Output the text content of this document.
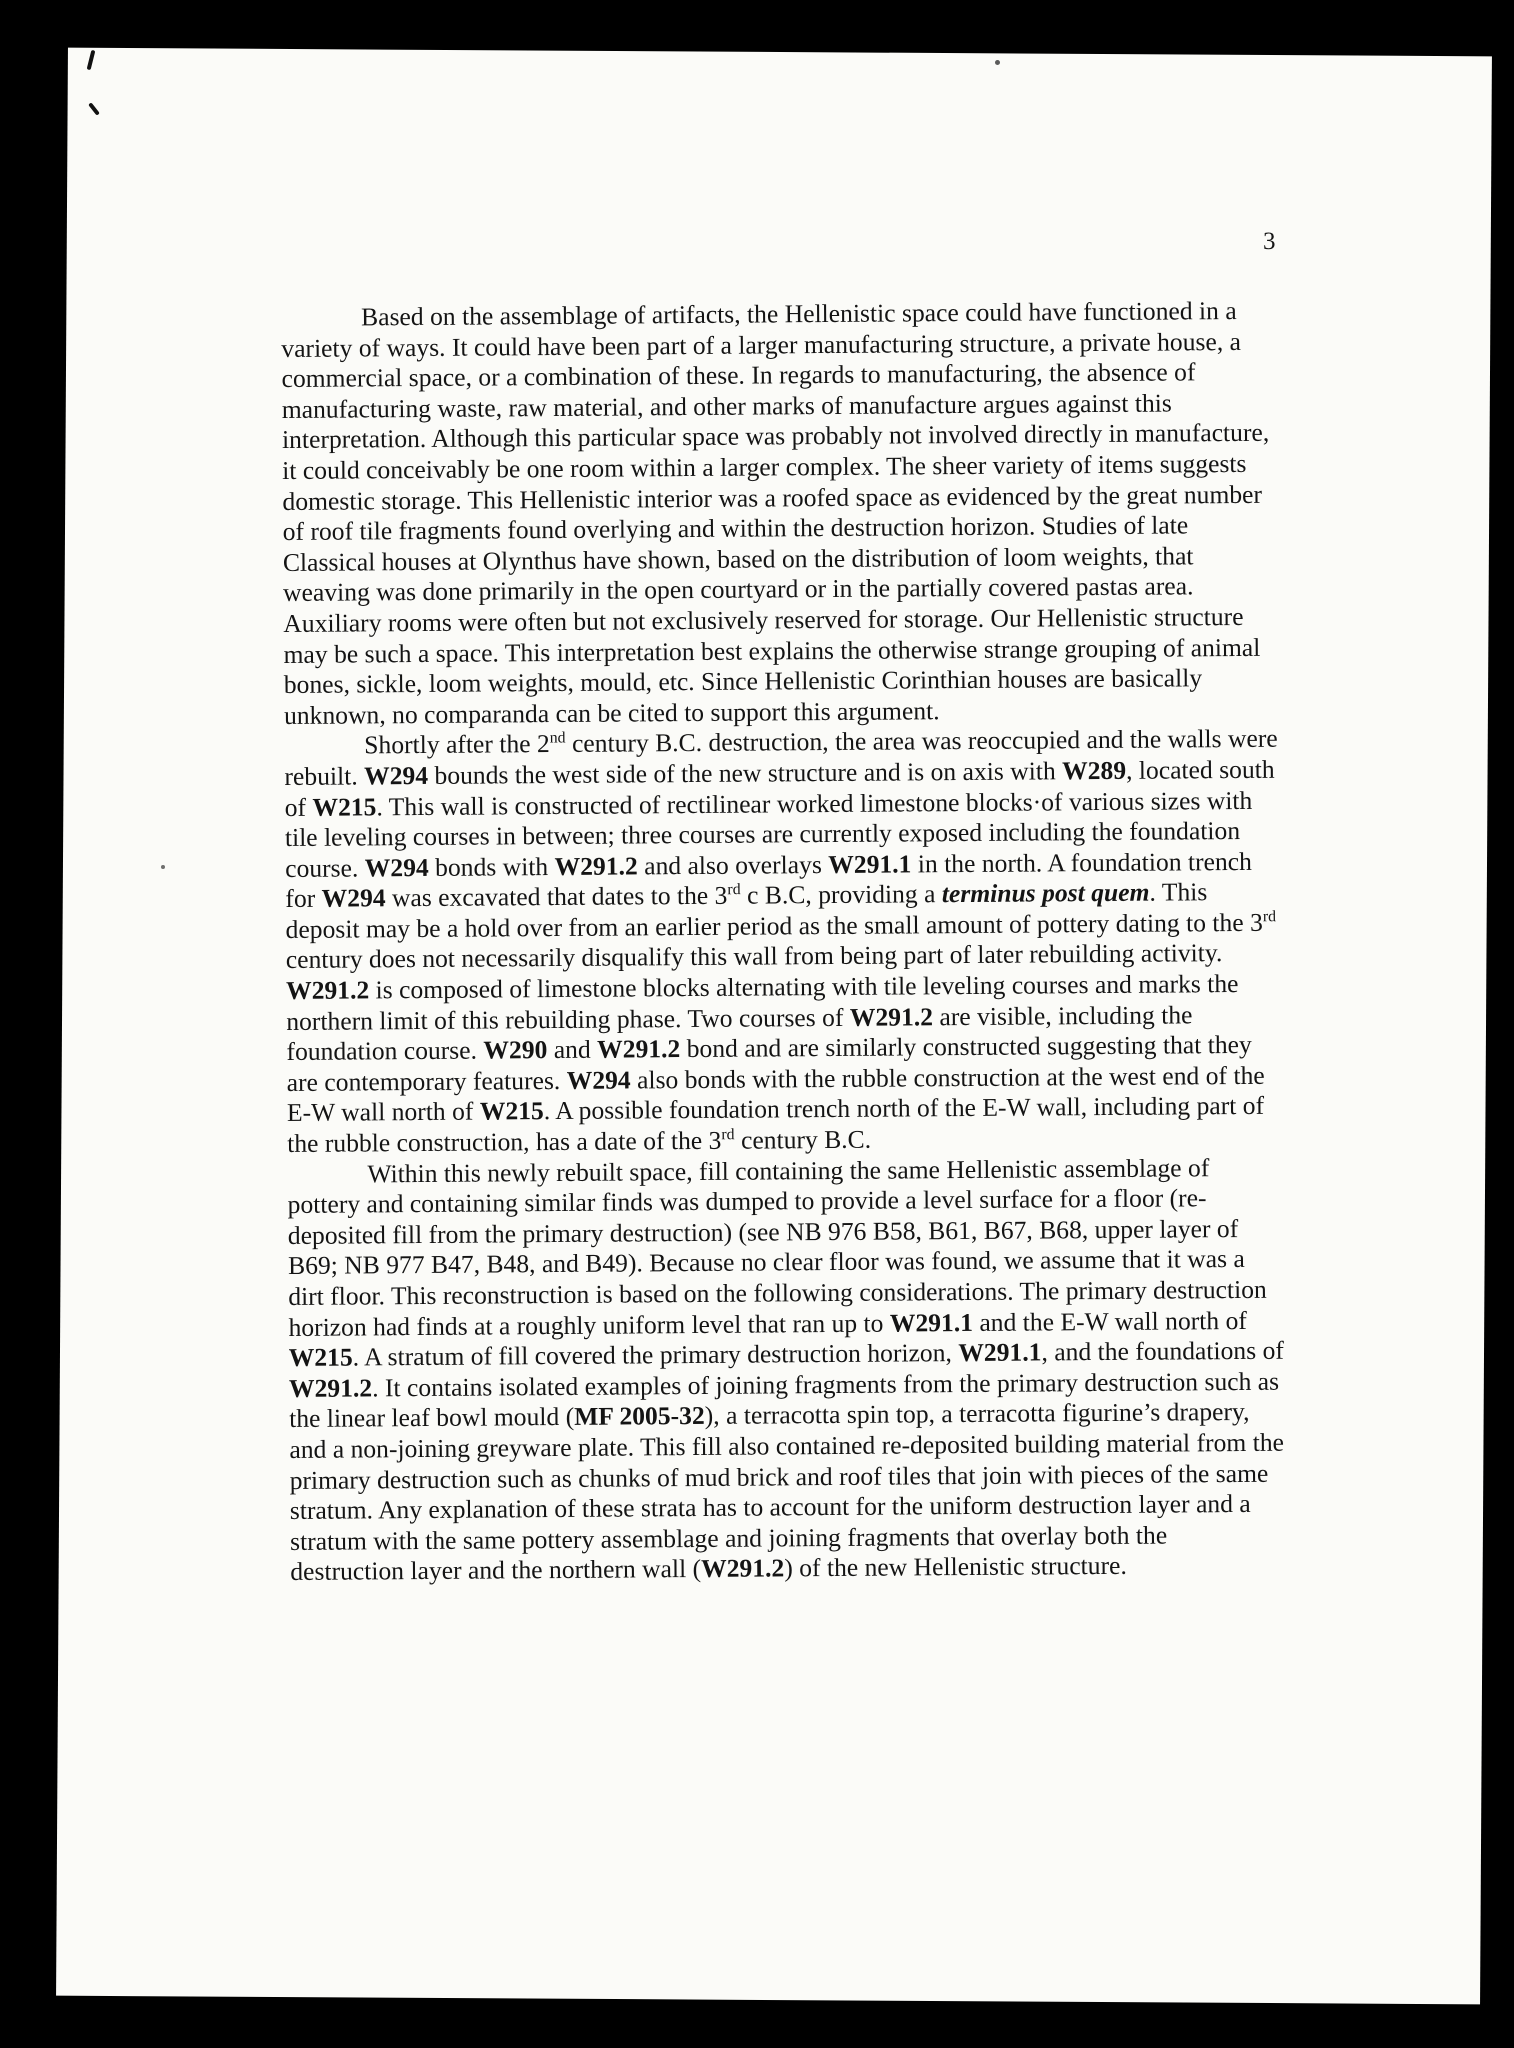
3

Based on the assemblage of artifacts, the Hellenistic space could have functioned in a variety of ways. It could have been part of a larger manufacturing structure, a private house, a commercial space, or a combination of these. In regards to manufacturing, the absence of manufacturing waste, raw material, and other marks of manufacture argues against this interpretation. Although this particular space was probably not involved directly in manufacture, it could conceivably be one room within a larger complex. The sheer variety of items suggests domestic storage. This Hellenistic interior was a roofed space as evidenced by the great number of roof tile fragments found overlying and within the destruction horizon. Studies of late Classical houses at Olynthus have shown, based on the distribution of loom weights, that weaving was done primarily in the open courtyard or in the partially covered pastas area. Auxiliary rooms were often but not exclusively reserved for storage. Our Hellenistic structure may be such a space. This interpretation best explains the otherwise strange grouping of animal bones, sickle, loom weights, mould, etc. Since Hellenistic Corinthian houses are basically unknown, no comparanda can be cited to support this argument.

Shortly after the 2nd century B.C. destruction, the area was reoccupied and the walls were rebuilt. W294 bounds the west side of the new structure and is on axis with W289, located south of W215. This wall is constructed of rectilinear worked limestone blocks·of various sizes with tile leveling courses in between; three courses are currently exposed including the foundation course. W294 bonds with W291.2 and also overlays W291.1 in the north. A foundation trench for W294 was excavated that dates to the 3rd c B.C, providing a terminus post quem. This deposit may be a hold over from an earlier period as the small amount of pottery dating to the 3rd century does not necessarily disqualify this wall from being part of later rebuilding activity. W291.2 is composed of limestone blocks alternating with tile leveling courses and marks the northern limit of this rebuilding phase. Two courses of W291.2 are visible, including the foundation course. W290 and W291.2 bond and are similarly constructed suggesting that they are contemporary features. W294 also bonds with the rubble construction at the west end of the E-W wall north of W215. A possible foundation trench north of the E-W wall, including part of the rubble construction, has a date of the 3rd century B.C.

Within this newly rebuilt space, fill containing the same Hellenistic assemblage of pottery and containing similar finds was dumped to provide a level surface for a floor (re-deposited fill from the primary destruction) (see NB 976 B58, B61, B67, B68, upper layer of B69; NB 977 B47, B48, and B49). Because no clear floor was found, we assume that it was a dirt floor. This reconstruction is based on the following considerations. The primary destruction horizon had finds at a roughly uniform level that ran up to W291.1 and the E-W wall north of W215. A stratum of fill covered the primary destruction horizon, W291.1, and the foundations of W291.2. It contains isolated examples of joining fragments from the primary destruction such as the linear leaf bowl mould (MF 2005-32), a terracotta spin top, a terracotta figurine’s drapery, and a non-joining greyware plate. This fill also contained re-deposited building material from the primary destruction such as chunks of mud brick and roof tiles that join with pieces of the same stratum. Any explanation of these strata has to account for the uniform destruction layer and a stratum with the same pottery assemblage and joining fragments that overlay both the destruction layer and the northern wall (W291.2) of the new Hellenistic structure.
